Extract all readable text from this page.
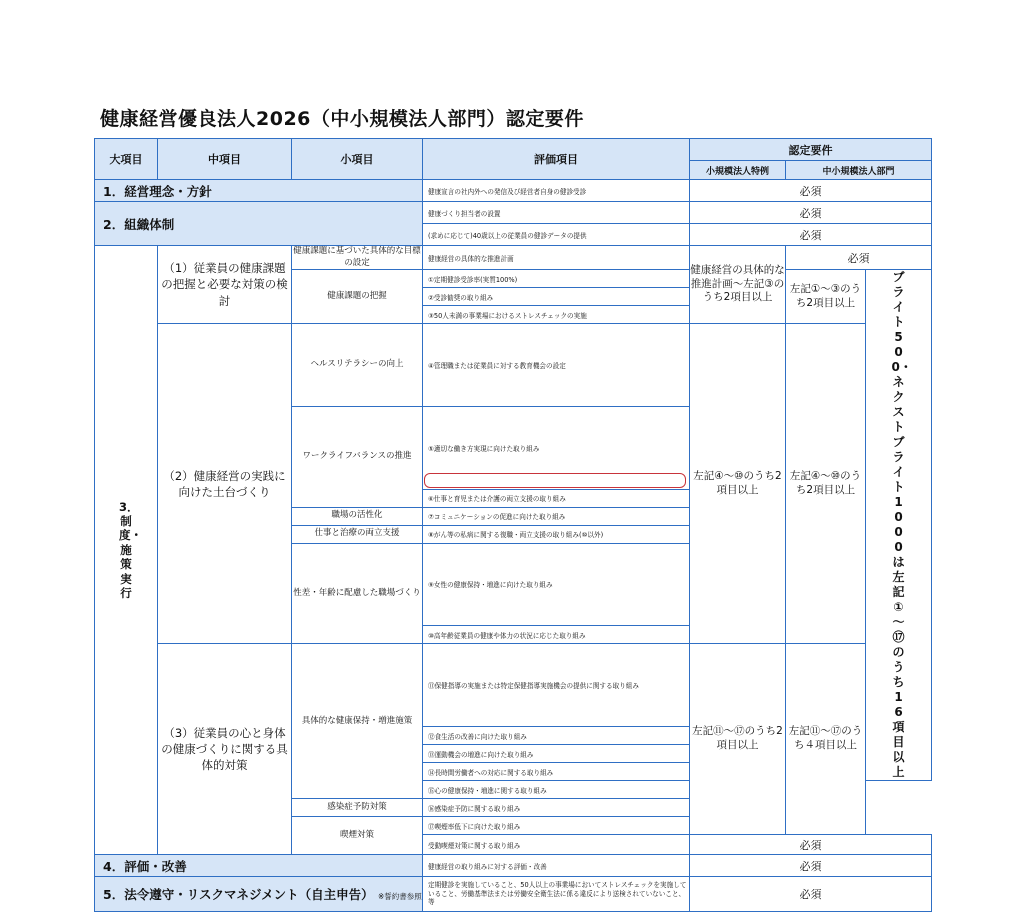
健康経営優良法人2026（中小規模法人部門）認定要件
大項目	中項目	小項目	評価項目	認定要件		
				小規模法人特例	中小規模法人部門	
1．経営理念・方針			健康宣言の社内外への発信及び経営者自身の健診受診	必須		
2．組織体制			健康づくり担当者の設置	必須		
			(求めに応じて)40歳以上の従業員の健診データの提供	必須		
3．制度・施策実行	（1）従業員の健康課題の把握と必要な対策の検討	健康課題に基づいた具体的な目標の設定	健康経営の具体的な推進計画	健康経営の具体的な推進計画～左記③のうち2項目以上	必須	
		健康課題の把握	①定期健診受診率(実質100%)		左記①～③のうち2項目以上	ブライト500・ネクストブライト1000は左記①～⑰のうち16項目以上
			②受診勧奨の取り組み			
			③50人未満の事業場におけるストレスチェックの実施			
	（2）健康経営の実践に向けた土台づくり	ヘルスリテラシーの向上	④管理職または従業員に対する教育機会の設定	左記④～⑩のうち2項目以上	左記④～⑩のうち2項目以上	
		ワークライフバランスの推進	⑤適切な働き方実現に向けた取り組み			
			⑥仕事と育児または介護の両立支援の取り組み			
		職場の活性化	⑦コミュニケーションの促進に向けた取り組み			
		仕事と治療の両立支援	⑧がん等の私病に関する復職・両立支援の取り組み(⑩以外)			
		性差・年齢に配慮した職場づくり	⑨女性の健康保持・増進に向けた取り組み			
			⑩高年齢従業員の健康や体力の状況に応じた取り組み			
	（3）従業員の心と身体の健康づくりに関する具体的対策	具体的な健康保持・増進施策	⑪保健指導の実施または特定保健指導実施機会の提供に関する取り組み	左記⑪～⑰のうち2項目以上	左記⑪～⑰のうち４項目以上	
			⑫食生活の改善に向けた取り組み			
			⑬運動機会の増進に向けた取り組み			
			⑭長時間労働者への対応に関する取り組み			
			⑮心の健康保持・増進に関する取り組み			
		感染症予防対策	⑯感染症予防に関する取り組み			
		喫煙対策	⑰喫煙率低下に向けた取り組み			
			受動喫煙対策に関する取り組み	必須		
4．評価・改善			健康経営の取り組みに対する評価・改善	必須		
5．法令遵守・リスクマネジメント（自主申告） ※誓約書参照			定期健診を実施していること、50人以上の事業場においてストレスチェックを実施していること、労働基準法または労働安全衛生法に係る違反により送検されていないこと、等	必須		
